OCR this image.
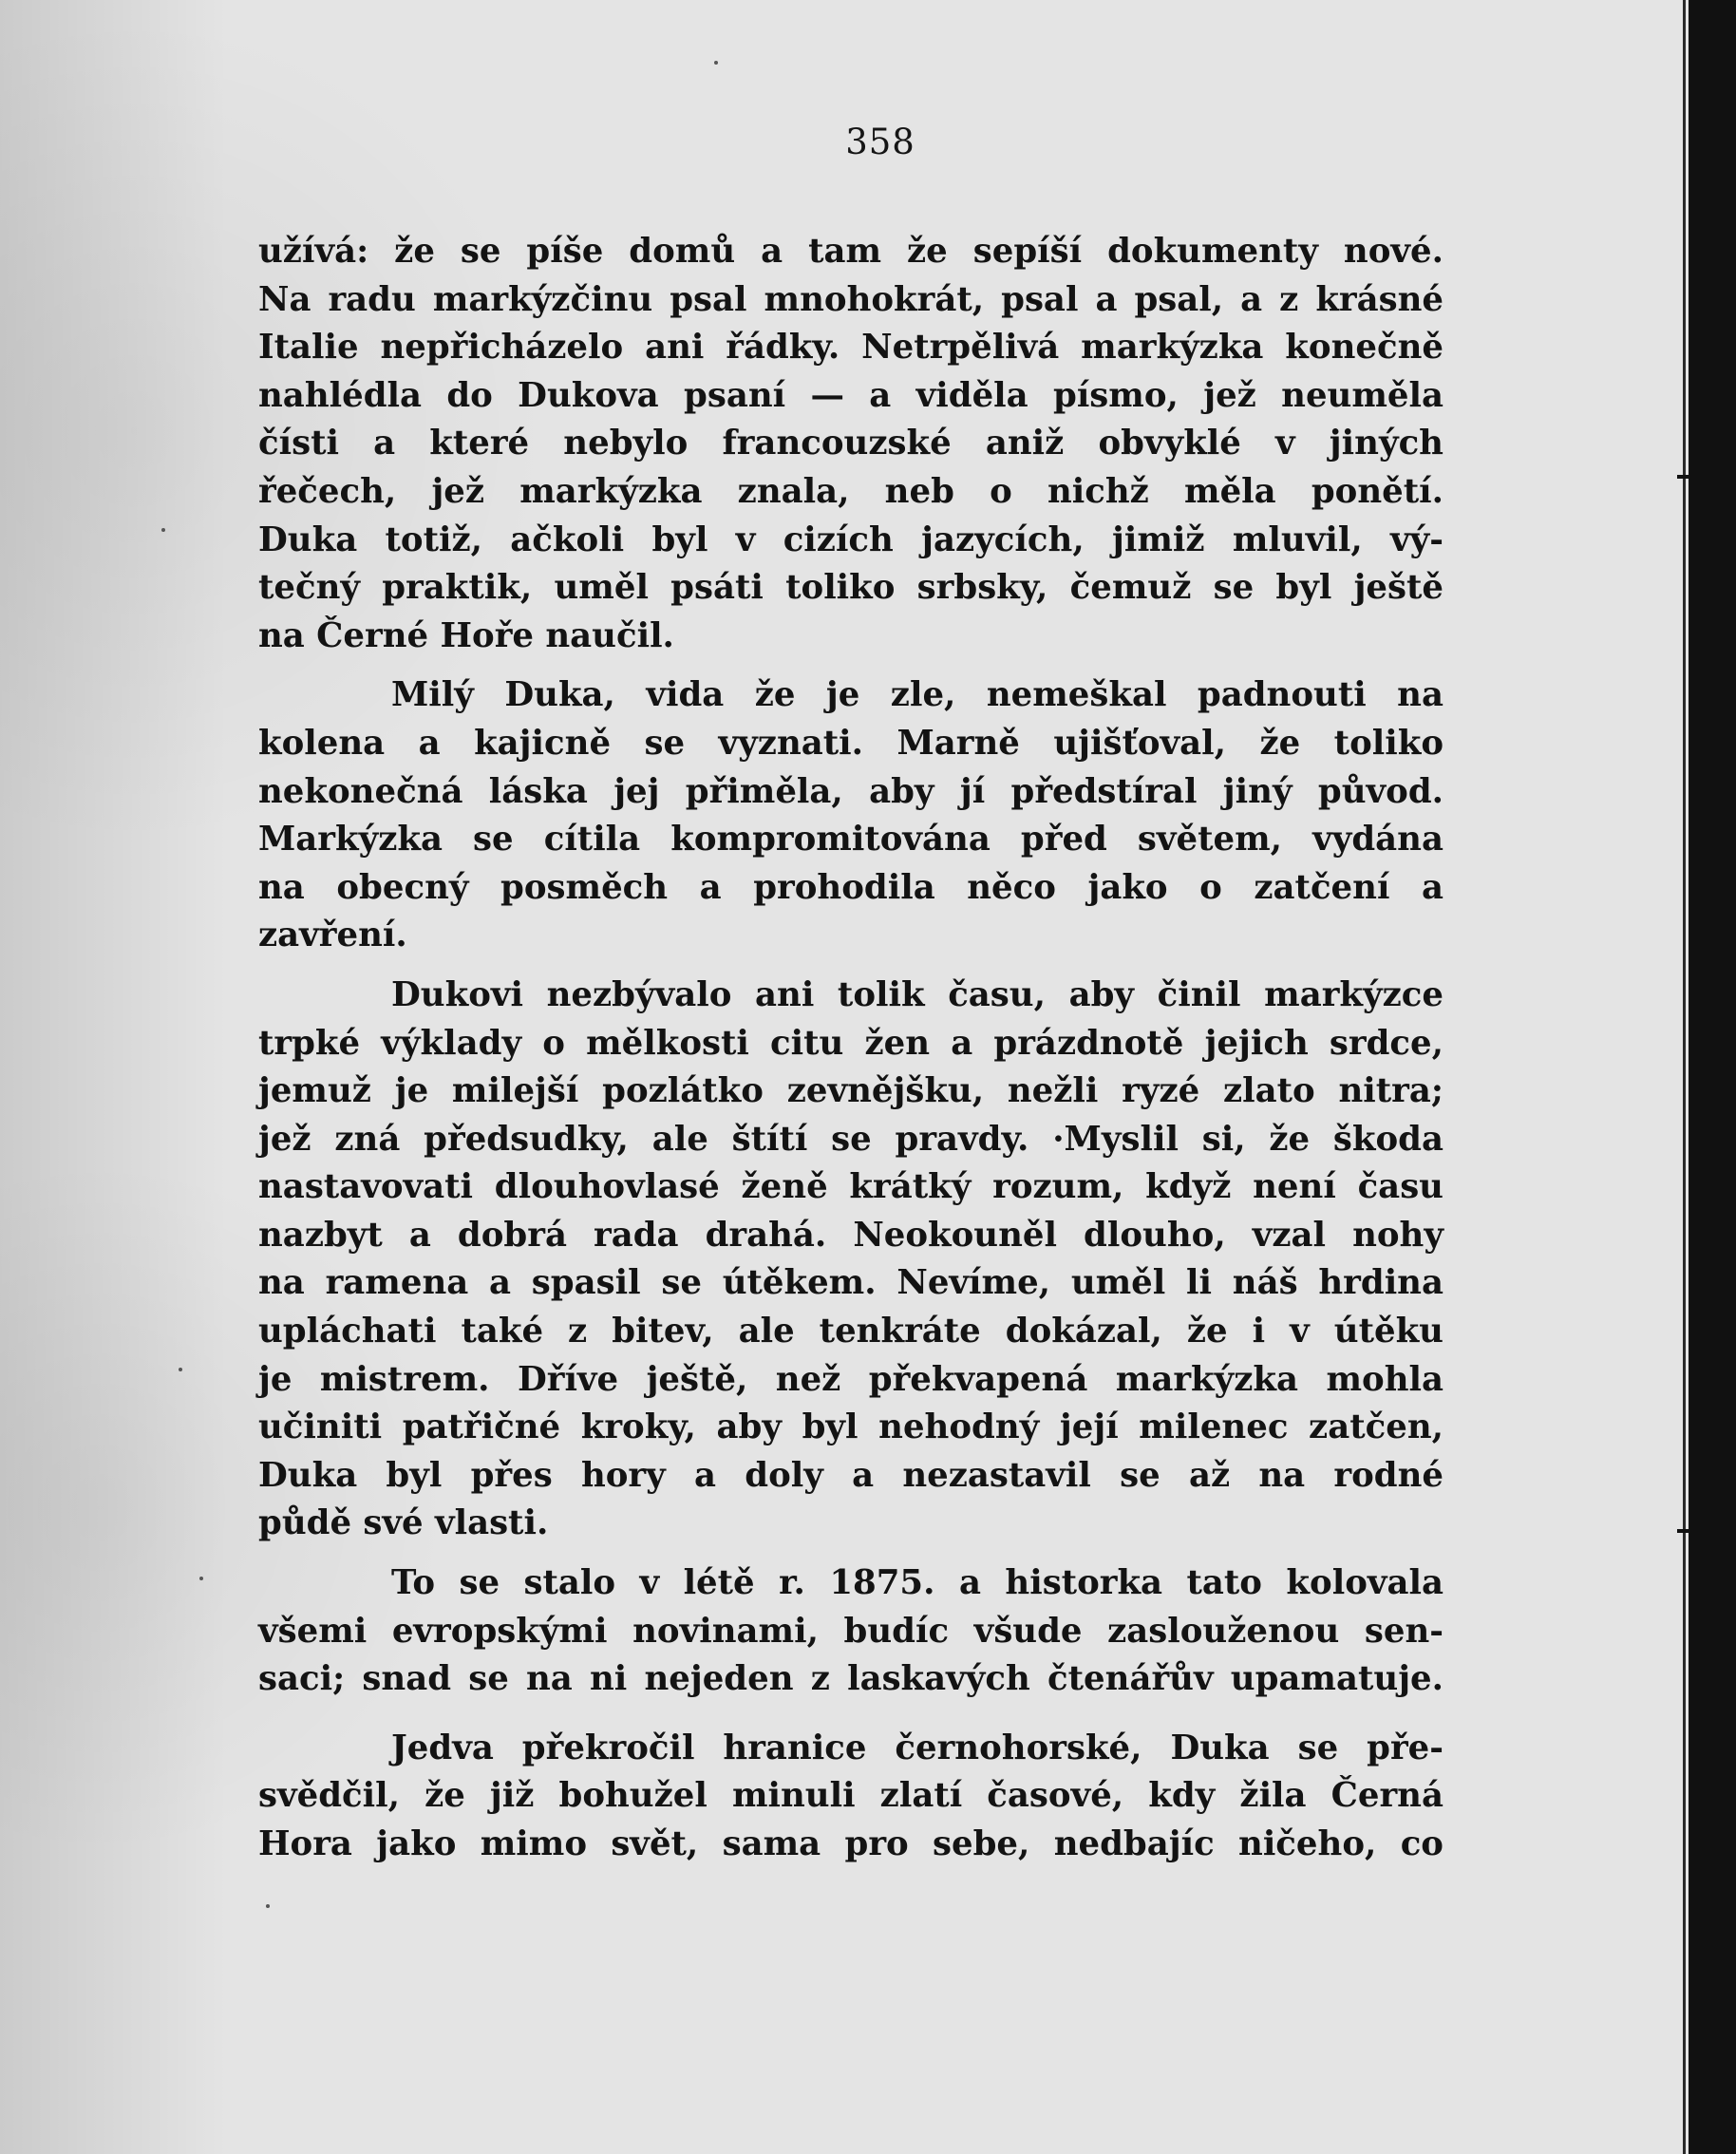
358
užívá: že se píše domů a tam že sepíší dokumenty nové.
Na radu markýzčinu psal mnohokrát, psal a psal, a z krásné
Italie nepřicházelo ani řádky. Netrpělivá markýzka konečně
nahlédla do Dukova psaní — a viděla písmo, jež neuměla
čísti a které nebylo francouzské aniž obvyklé v jiných
řečech, jež markýzka znala, neb o nichž měla ponětí.
Duka totiž, ačkoli byl v cizích jazycích, jimiž mluvil, vý-
tečný praktik, uměl psáti toliko srbsky, čemuž se byl ještě
na Černé Hoře naučil.
Milý Duka, vida že je zle, nemeškal padnouti na
kolena a kajicně se vyznati. Marně ujišťoval, že toliko
nekonečná láska jej přiměla, aby jí předstíral jiný původ.
Markýzka se cítila kompromitována před světem, vydána
na obecný posměch a prohodila něco jako o zatčení a
zavření.
Dukovi nezbývalo ani tolik času, aby činil markýzce
trpké výklady o mělkosti citu žen a prázdnotě jejich srdce,
jemuž je milejší pozlátko zevnějšku, nežli ryzé zlato nitra;
jež zná předsudky, ale štítí se pravdy. ·Myslil si, že škoda
nastavovati dlouhovlasé ženě krátký rozum, když není času
nazbyt a dobrá rada drahá. Neokouněl dlouho, vzal nohy
na ramena a spasil se útěkem. Nevíme, uměl li náš hrdina
upláchati také z bitev, ale tenkráte dokázal, že i v útěku
je mistrem. Dříve ještě, než překvapená markýzka mohla
učiniti patřičné kroky, aby byl nehodný její milenec zatčen,
Duka byl přes hory a doly a nezastavil se až na rodné
půdě své vlasti.
To se stalo v létě r. 1875. a historka tato kolovala
všemi evropskými novinami, budíc všude zaslouženou sen-
saci; snad se na ni nejeden z laskavých čtenářův upamatuje.
Jedva překročil hranice černohorské, Duka se pře-
svědčil, že již bohužel minuli zlatí časové, kdy žila Černá
Hora jako mimo svět, sama pro sebe, nedbajíc ničeho, co
